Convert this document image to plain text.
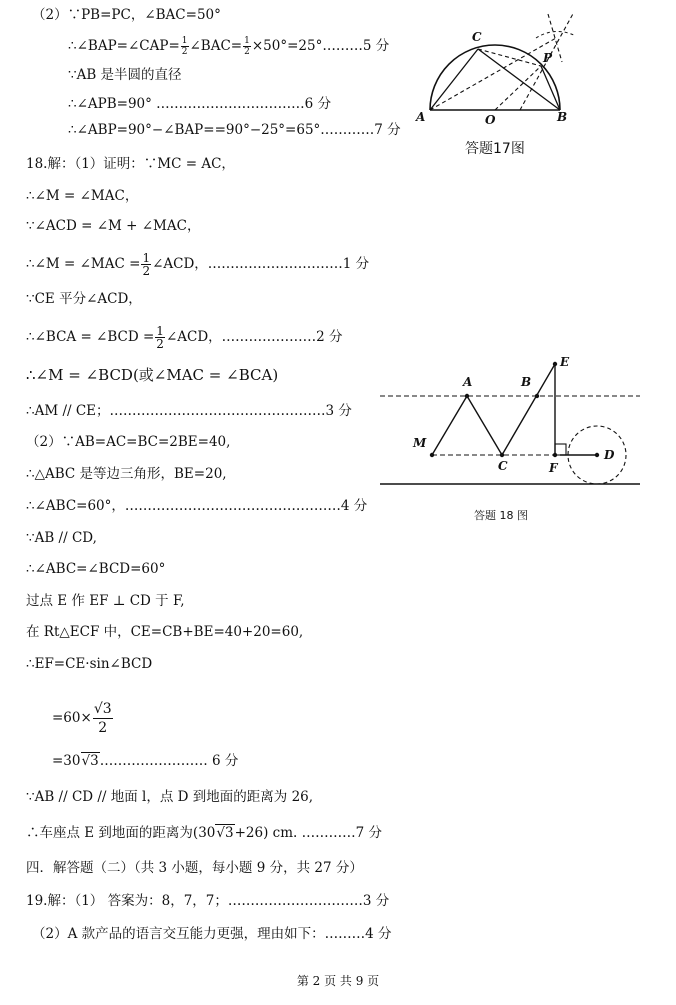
（2）∵PB=PC，∠BAC=50°
∴∠BAP=∠CAP= $\frac{1}{2}$ ∠BAC= $\frac{1}{2}$ ×50°=25°………5 分
∵AB 是半圆的直径
∴∠APB=90° ……………………………6 分
∴∠ABP=90°−∠BAP==90°−25°=65°…………7 分
18.解：（1）证明：∵MC = AC，
∴∠M = ∠MAC，
∵∠ACD = ∠M + ∠MAC，
∴∠M = ∠MAC = $\frac{1}{2}$ ∠ACD，…………………………1 分
∵CE 平分∠ACD，
∴∠BCA = ∠BCD = $\frac{1}{2}$ ∠ACD，…………………2 分
∴∠M = ∠BCD(或∠MAC = ∠BCA)
∴AM // CE；…………………………………………3 分
（2）∵AB=AC=BC=2BE=40,
∴△ABC 是等边三角形，BE=20,
∴∠ABC=60°，…………………………………………4 分
∵AB // CD,
∴∠ABC=∠BCD=60°
过点 E 作 EF ⊥ CD 于 F,
在 Rt△ECF 中，CE=CB+BE=40+20=60,
∴EF=CE·sin∠BCD
$=60\times \frac{√3}{2}$
=30√3…………………… 6 分
∵AB // CD // 地面 l，点 D 到地面的距离为 26,
∴车座点 E 到地面的距离为(30√3+26) cm. …………7 分
四．解答题（二）（共 3 小题，每小题 9 分，共 27 分）
19.解：（1） 答案为：8，7，7；…………………………3 分
（2）A 款产品的语言交互能力更强，理由如下：………4 分
C
P
A	O	B
答题17图
E
A	B
M
C	F
D
答题 18 图
第 2 页 共 9 页
